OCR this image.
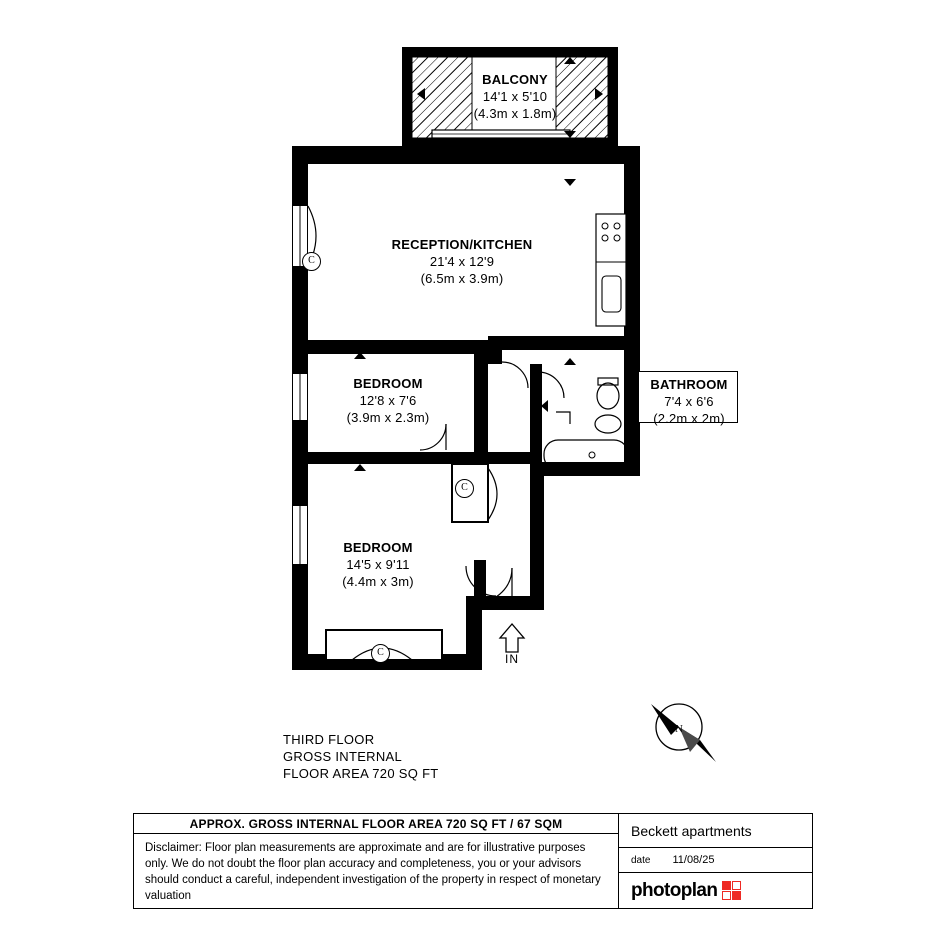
N
BALCONY
14'1 x 5'10
(4.3m x 1.8m)
RECEPTION/KITCHEN
21'4 x 12'9
(6.5m x 3.9m)
BEDROOM
12'8 x 7'6
(3.9m x 2.3m)
BATHROOM
7'4 x 6'6
(2.2m x 2m)
BEDROOM
14'5 x 9'11
(4.4m x 3m)
C
C
C	IN
THIRD FLOOR
GROSS INTERNAL
FLOOR AREA 720 SQ FT
APPROX. GROSS INTERNAL FLOOR AREA 720 SQ FT / 67 SQM
Disclaimer: Floor plan measurements are approximate and are for illustrative purposes only. We do not doubt the floor plan accuracy and completeness, you or your advisors should conduct a careful, independent investigation of the property in respect of monetary valuation
Beckett apartments
date 11/08/25
photoplan
